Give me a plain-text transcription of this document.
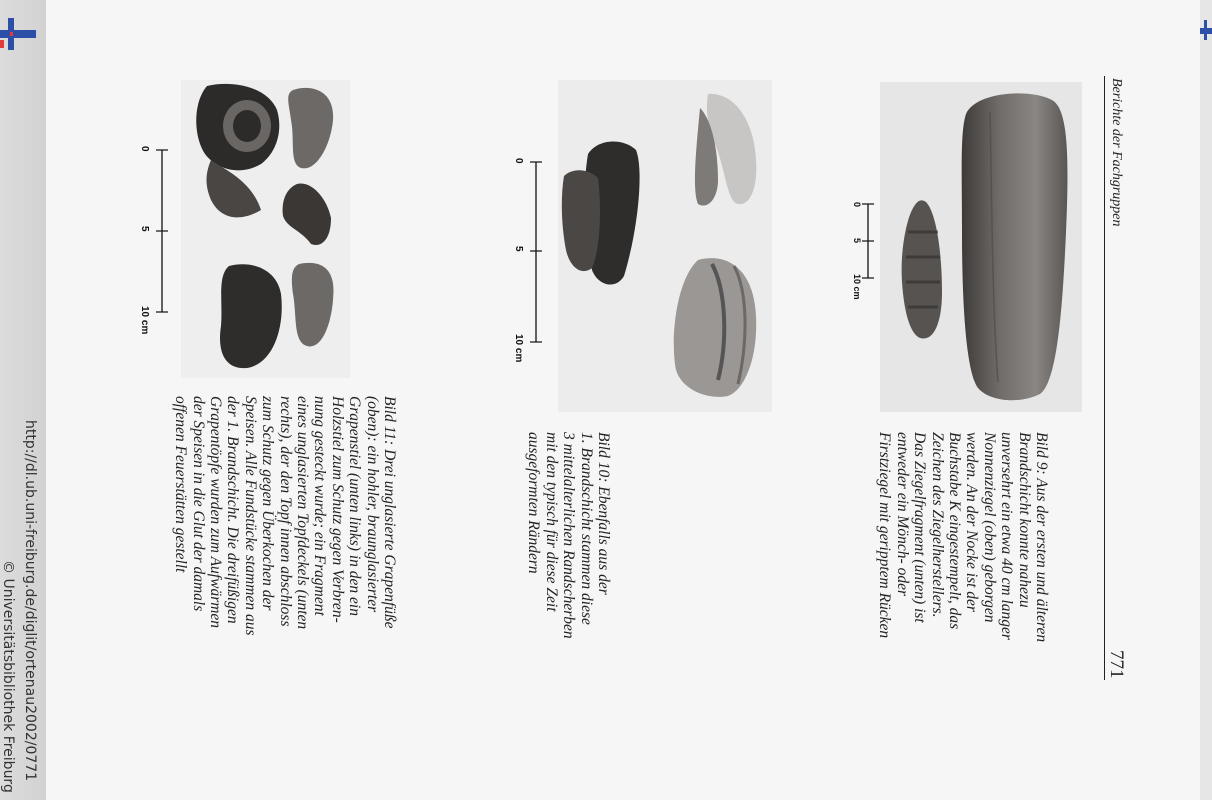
http://dl.ub.uni-freiburg.de/diglit/ortenau2002/0771
© Universitätsbibliothek Freiburg
Berichte der Fachgruppen
771
0
5
10 cm
Bild 9: Aus der ersten und älteren
Brandschicht konnte nahezu
unversehrt ein etwa 40 cm langer
Nonnenziegel (oben) geborgen
werden. An der Nocke ist der
Buchstabe K eingestempelt, das
Zeichen des Ziegelherstellers.
Das Ziegelfragment (unten) ist
entweder ein Mönch- oder
Firstziegel mit geripptem Rücken
0
5
10 cm
Bild 10: Ebenfalls aus der
1. Brandschicht stammen diese
3 mittelalterlichen Randscherben
mit den typisch für diese Zeit
ausgeformten Rändern
0
5
10 cm
Bild 11: Drei unglasierte Grapenfüße
(oben): ein hohler, braunglasierter
Grapenstiel (unten links) in den ein
Holzstiel zum Schutz gegen Verbren-
nung gesteckt wurde; ein Fragment
eines unglasierten Topfdeckels (unten
rechts), der den Topf innen abschloss
zum Schutz gegen Überkochen der
Speisen. Alle Fundstücke stammen aus
der 1. Brandschicht. Die dreifüßigen
Grapentöpfe wurden zum Aufwärmen
der Speisen in die Glut der damals
offenen Feuerstätten gestellt
